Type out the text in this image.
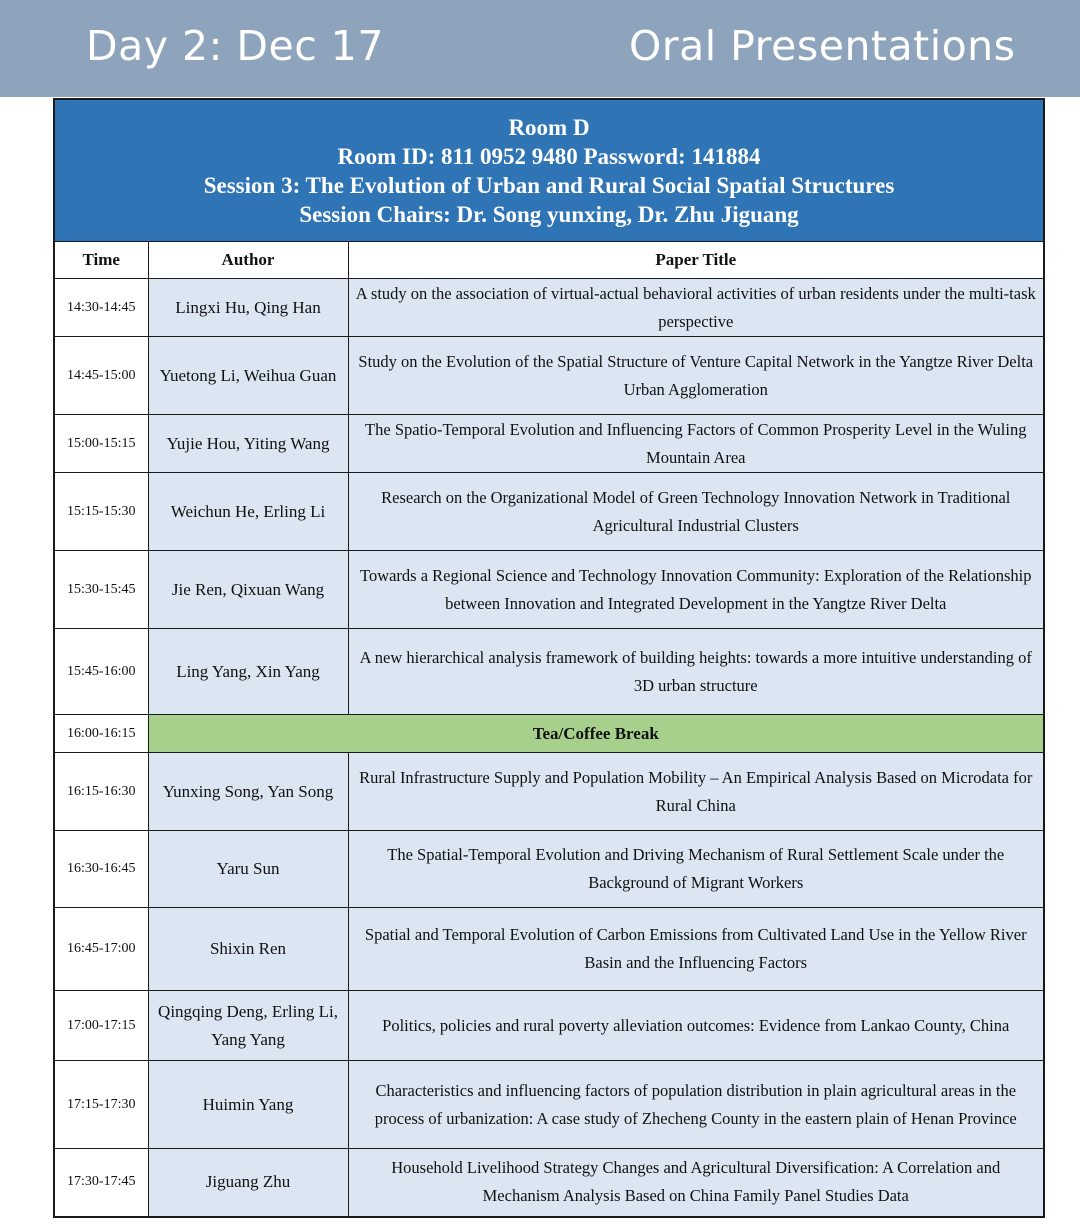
Day 2: Dec 17	Oral Presentations
Room D
Room ID: 811 0952 9480 Password: 141884
Session 3: The Evolution of Urban and Rural Social Spatial Structures
Session Chairs: Dr. Song yunxing, Dr. Zhu Jiguang		

Time	Author	Paper Title
14:30-14:45	Lingxi Hu, Qing Han	A study on the association of virtual-actual behavioral activities of urban residents under the multi-task perspective
14:45-15:00	Yuetong Li, Weihua Guan	Study on the Evolution of the Spatial Structure of Venture Capital Network in the Yangtze River Delta Urban Agglomeration
15:00-15:15	Yujie Hou, Yiting Wang	The Spatio-Temporal Evolution and Influencing Factors of Common Prosperity Level in the Wuling Mountain Area
15:15-15:30	Weichun He, Erling Li	Research on the Organizational Model of Green Technology Innovation Network in Traditional Agricultural Industrial Clusters
15:30-15:45	Jie Ren, Qixuan Wang	Towards a Regional Science and Technology Innovation Community: Exploration of the Relationship between Innovation and Integrated Development in the Yangtze River Delta
15:45-16:00	Ling Yang, Xin Yang	A new hierarchical analysis framework of building heights: towards a more intuitive understanding of 3D urban structure
16:00-16:15	Tea/Coffee Break	
16:15-16:30	Yunxing Song, Yan Song	Rural Infrastructure Supply and Population Mobility – An Empirical Analysis Based on Microdata for Rural China
16:30-16:45	Yaru Sun	The Spatial-Temporal Evolution and Driving Mechanism of Rural Settlement Scale under the Background of Migrant Workers
16:45-17:00	Shixin Ren	Spatial and Temporal Evolution of Carbon Emissions from Cultivated Land Use in the Yellow River Basin and the Influencing Factors
17:00-17:15	Qingqing Deng, Erling Li, Yang Yang	Politics, policies and rural poverty alleviation outcomes: Evidence from Lankao County, China
17:15-17:30	Huimin Yang	Characteristics and influencing factors of population distribution in plain agricultural areas in the process of urbanization: A case study of Zhecheng County in the eastern plain of Henan Province
17:30-17:45	Jiguang Zhu	Household Livelihood Strategy Changes and Agricultural Diversification: A Correlation and Mechanism Analysis Based on China Family Panel Studies Data
